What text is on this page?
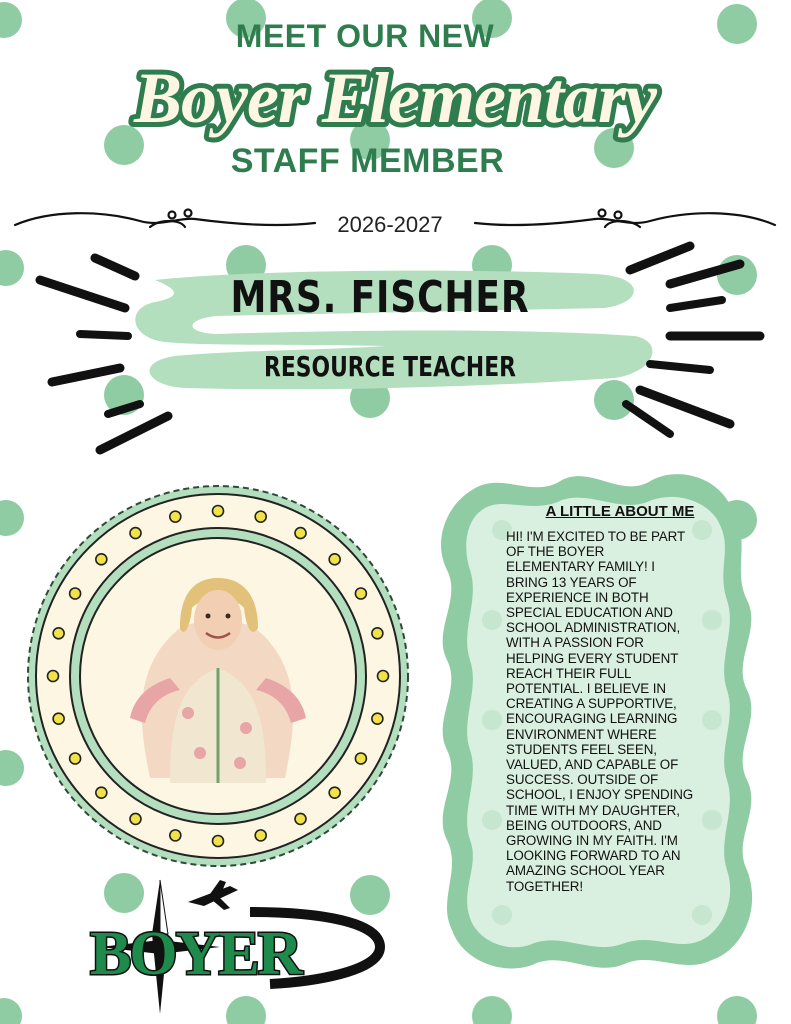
MEET OUR NEW
Boyer Elementary
STAFF MEMBER
2026-2027
MRS. FISCHER
RESOURCE TEACHER
A LITTLE ABOUT ME
HI! I'M EXCITED TO BE PART OF THE BOYER ELEMENTARY FAMILY! I BRING 13 YEARS OF EXPERIENCE IN BOTH SPECIAL EDUCATION AND SCHOOL ADMINISTRATION, WITH A PASSION FOR HELPING EVERY STUDENT REACH THEIR FULL POTENTIAL. I BELIEVE IN CREATING A SUPPORTIVE, ENCOURAGING LEARNING ENVIRONMENT WHERE STUDENTS FEEL SEEN, VALUED, AND CAPABLE OF SUCCESS. OUTSIDE OF SCHOOL, I ENJOY SPENDING TIME WITH MY DAUGHTER, BEING OUTDOORS, AND GROWING IN MY FAITH. I'M LOOKING FORWARD TO AN AMAZING SCHOOL YEAR TOGETHER!
BOYER
